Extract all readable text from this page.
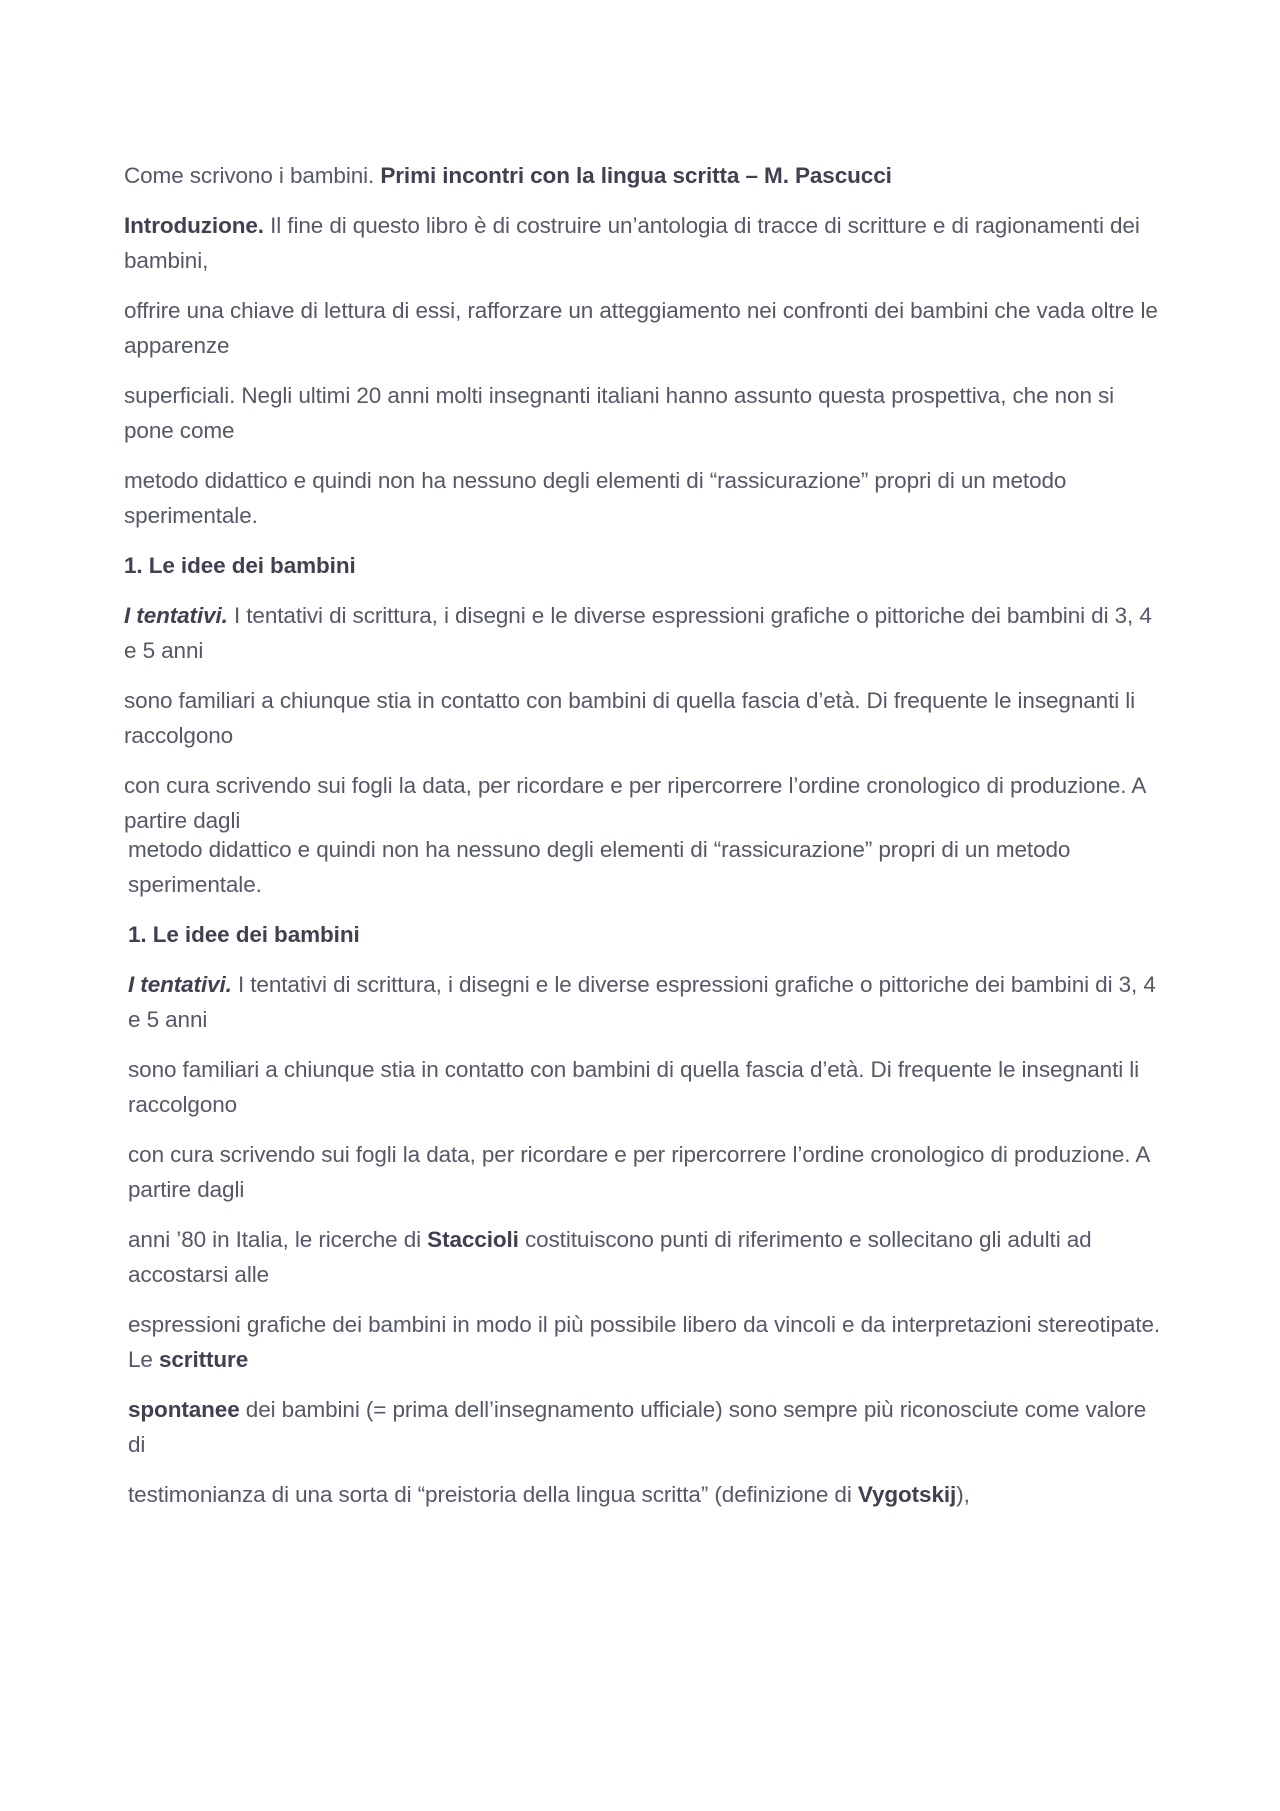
Come scrivono i bambini. Primi incontri con la lingua scritta – M. Pascucci

Introduzione. Il fine di questo libro è di costruire un’antologia di tracce di scritture e di ragionamenti dei bambini,

offrire una chiave di lettura di essi, rafforzare un atteggiamento nei confronti dei bambini che vada oltre le apparenze

superficiali. Negli ultimi 20 anni molti insegnanti italiani hanno assunto questa prospettiva, che non si pone come

metodo didattico e quindi non ha nessuno degli elementi di “rassicurazione” propri di un metodo sperimentale.

1. Le idee dei bambini

I tentativi. I tentativi di scrittura, i disegni e le diverse espressioni grafiche o pittoriche dei bambini di 3, 4 e 5 anni

sono familiari a chiunque stia in contatto con bambini di quella fascia d’età. Di frequente le insegnanti li raccolgono

con cura scrivendo sui fogli la data, per ricordare e per ripercorrere l’ordine cronologico di produzione. A partire dagli

metodo didattico e quindi non ha nessuno degli elementi di “rassicurazione” propri di un metodo sperimentale.

1. Le idee dei bambini

I tentativi. I tentativi di scrittura, i disegni e le diverse espressioni grafiche o pittoriche dei bambini di 3, 4 e 5 anni

sono familiari a chiunque stia in contatto con bambini di quella fascia d’età. Di frequente le insegnanti li raccolgono

con cura scrivendo sui fogli la data, per ricordare e per ripercorrere l’ordine cronologico di produzione. A partire dagli

anni ’80 in Italia, le ricerche di Staccioli costituiscono punti di riferimento e sollecitano gli adulti ad accostarsi alle

espressioni grafiche dei bambini in modo il più possibile libero da vincoli e da interpretazioni stereotipate. Le scritture

spontanee dei bambini (= prima dell’insegnamento ufficiale) sono sempre più riconosciute come valore di

testimonianza di una sorta di “preistoria della lingua scritta” (definizione di Vygotskij),
